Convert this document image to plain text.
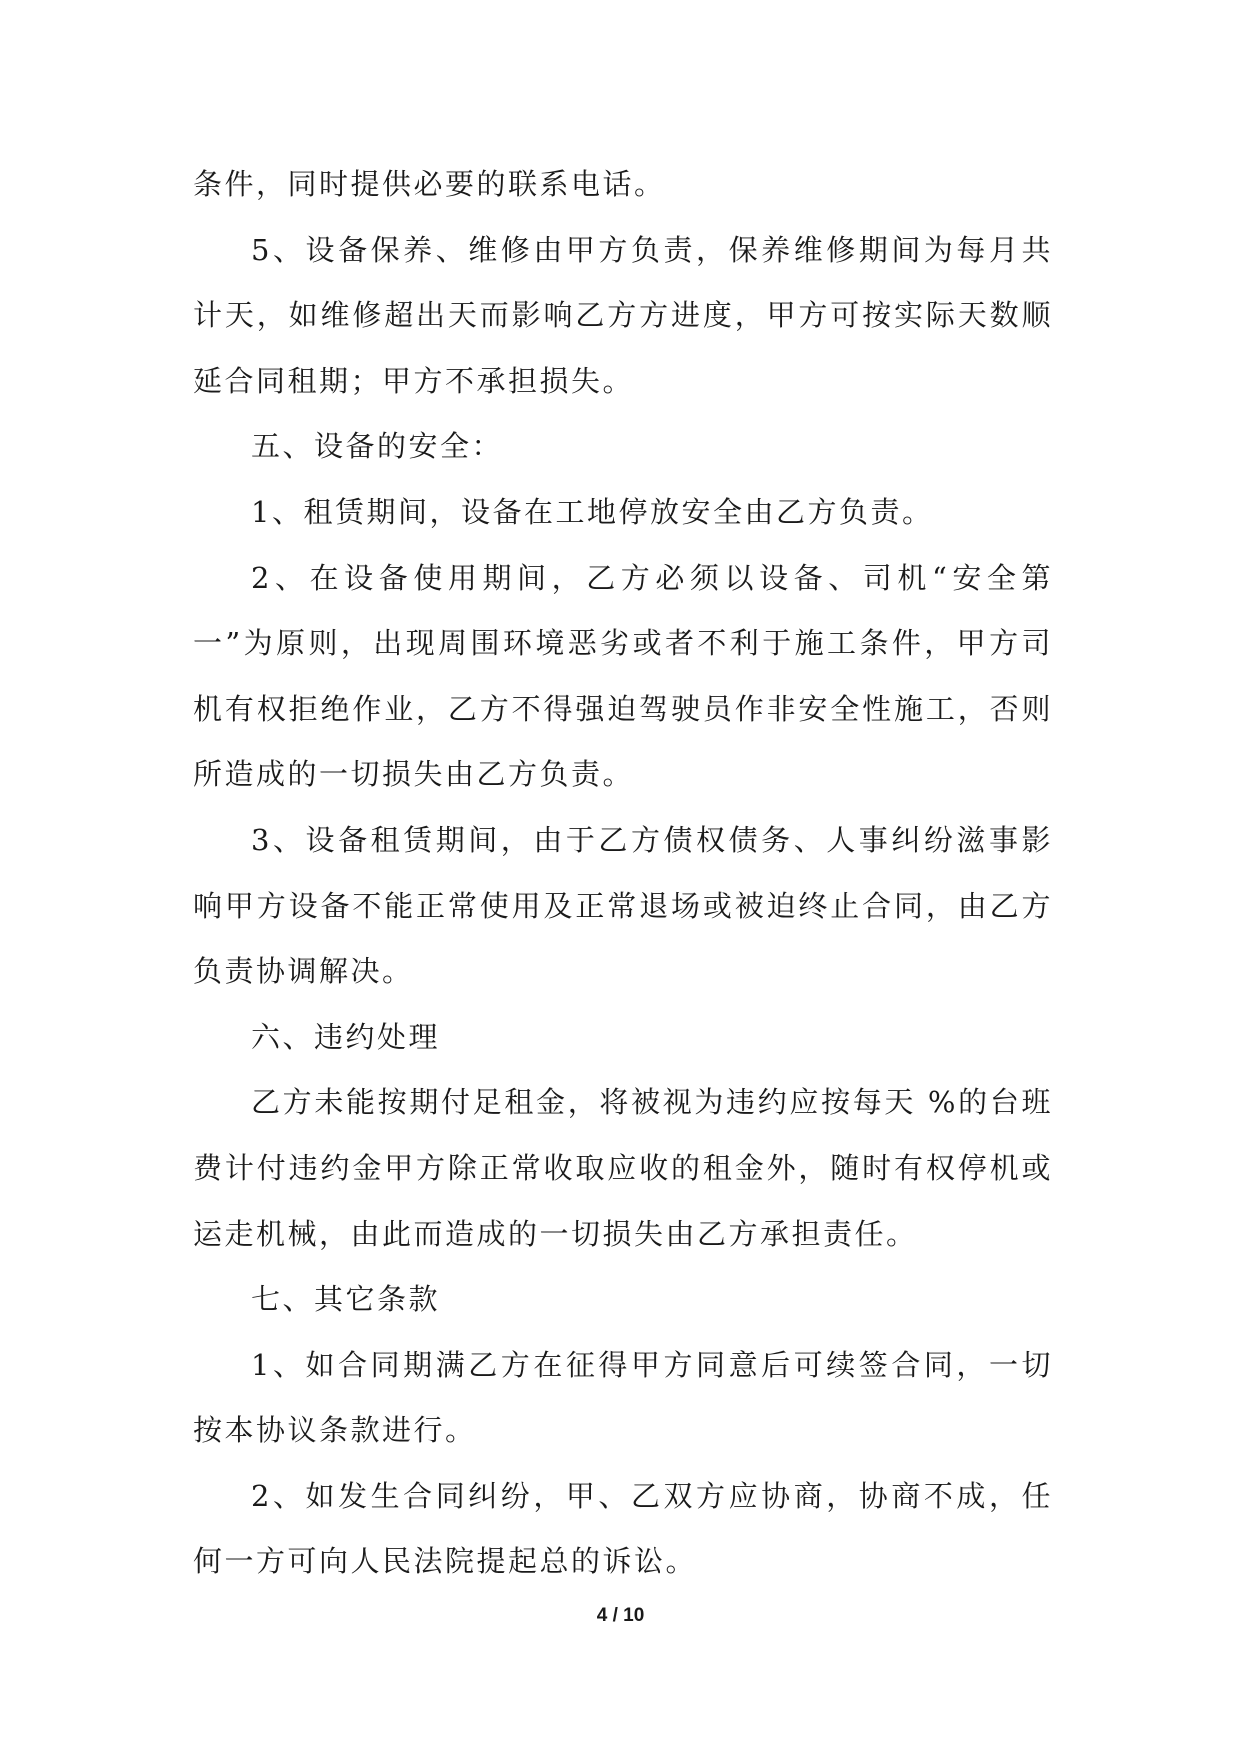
条件，同时提供必要的联系电话。

5、设备保养、维修由甲方负责，保养维修期间为每月共计天，如维修超出天而影响乙方方进度，甲方可按实际天数顺延合同租期；甲方不承担损失。

五、设备的安全：

1、租赁期间，设备在工地停放安全由乙方负责。

2、在设备使用期间，乙方必须以设备、司机“安全第一”为原则，出现周围环境恶劣或者不利于施工条件，甲方司机有权拒绝作业，乙方不得强迫驾驶员作非安全性施工，否则所造成的一切损失由乙方负责。

3、设备租赁期间，由于乙方债权债务、人事纠纷滋事影响甲方设备不能正常使用及正常退场或被迫终止合同，由乙方负责协调解决。

六、违约处理

乙方未能按期付足租金，将被视为违约应按每天 %的台班费计付违约金甲方除正常收取应收的租金外，随时有权停机或运走机械，由此而造成的一切损失由乙方承担责任。

七、其它条款

1、如合同期满乙方在征得甲方同意后可续签合同，一切按本协议条款进行。

2、如发生合同纠纷，甲、乙双方应协商，协商不成，任何一方可向人民法院提起总的诉讼。

4 / 10
